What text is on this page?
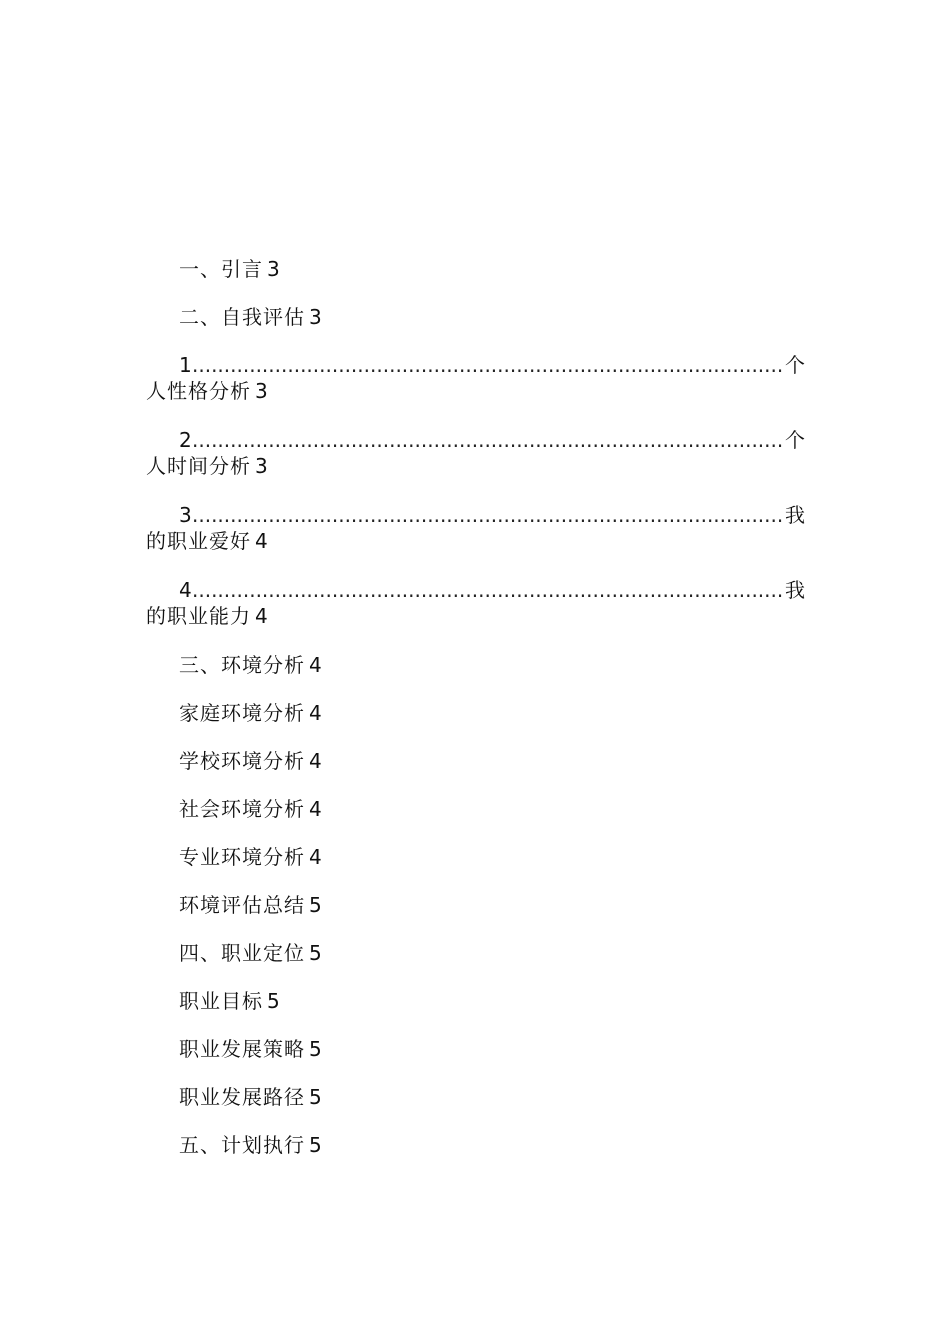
一、引言 3
二、自我评估 3
1 .....	个
人性格分析 3
2 .....	个
人时间分析 3
3 .....	我
的职业爱好 4
4 .....	我
的职业能力 4
三、环境分析 4
家庭环境分析 4
学校环境分析 4
社会环境分析 4
专业环境分析 4
环境评估总结 5
四、职业定位 5
职业目标 5
职业发展策略 5
职业发展路径 5
五、计划执行 5
